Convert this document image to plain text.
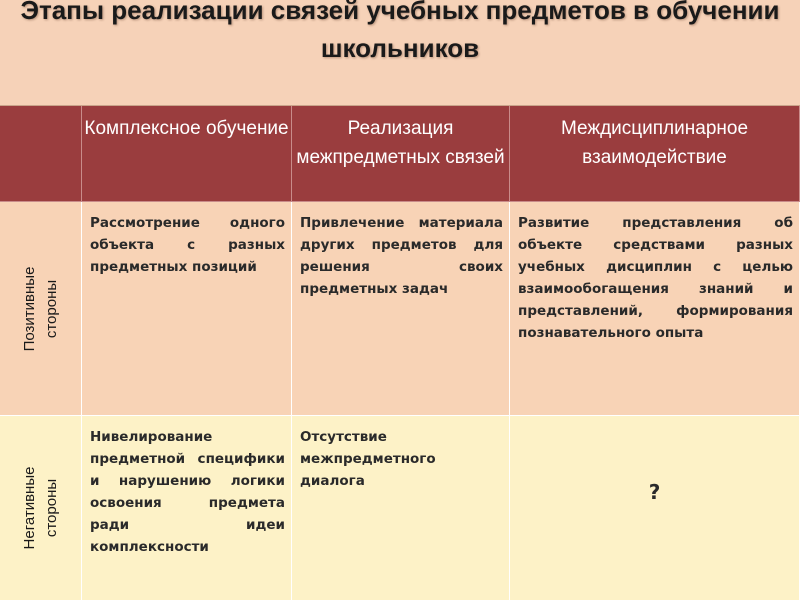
Этапы реализации связей учебных предметов в обучении школьников
Комплексное обучение	Реализация межпредметных связей
Междисциплинарное взаимодействие
Позитивные стороны
Рассмотрение одного объекта с разных предметных позиций
Привлечение материала других предметов для решения своих предметных задач
Развитие представления об объекте средствами разных учебных дисциплин с целью взаимообогащения знаний и представлений, формирования познавательного опыта
Негативные стороны
Нивелирование предметной специфики и нарушению логики освоения предмета ради идеи комплексности
Отсутствие межпредметного диалога	?
